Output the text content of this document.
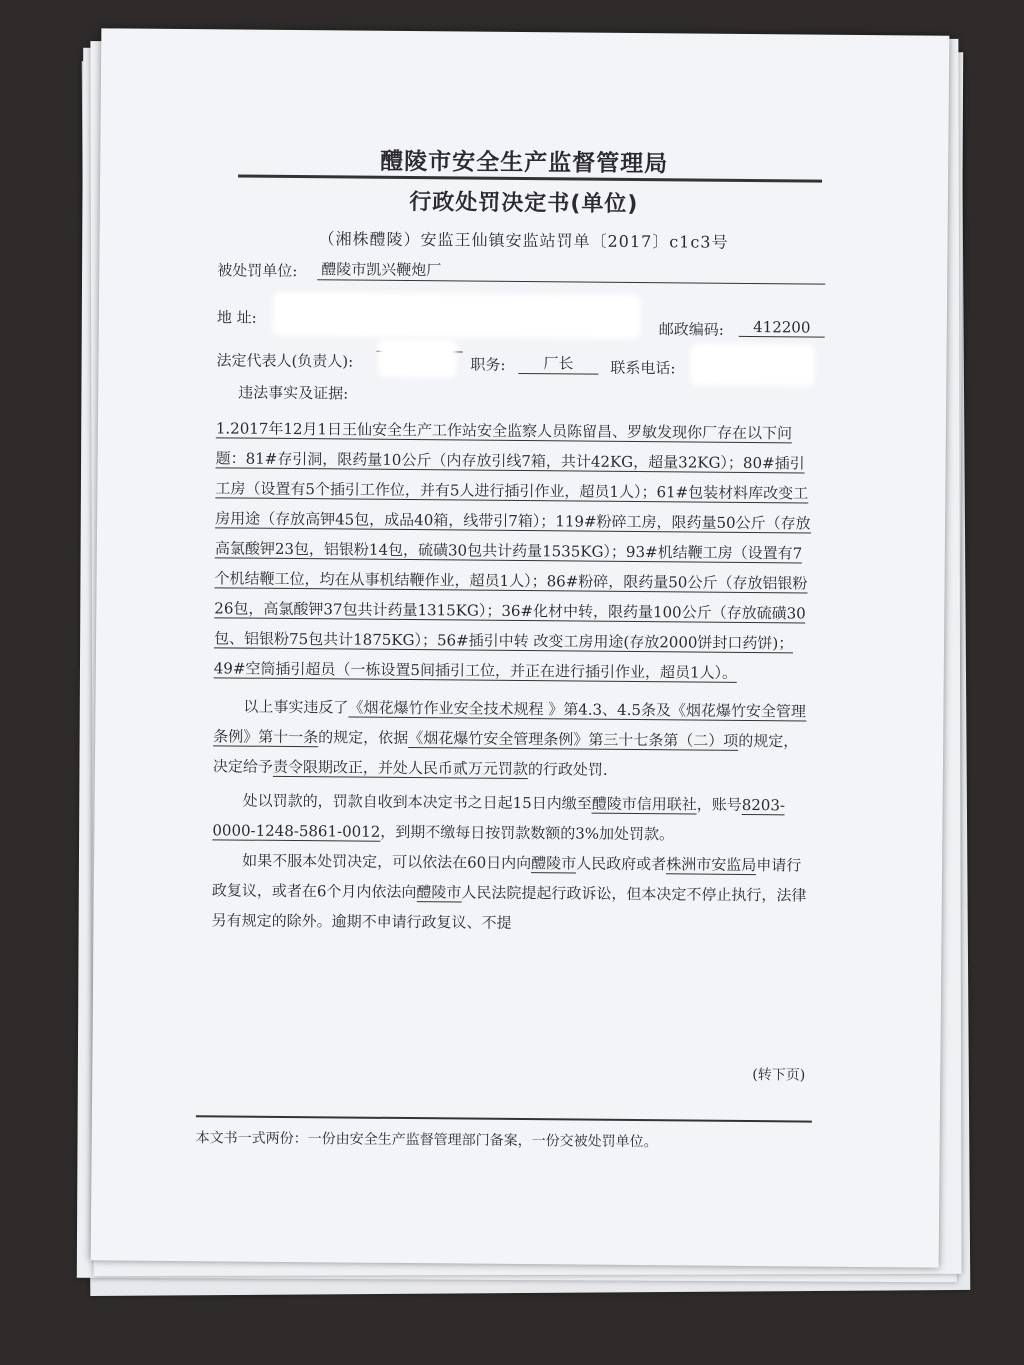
醴陵市安全生产监督管理局
行政处罚决定书(单位)
（湘株醴陵）安监王仙镇安监站罚单〔2017〕c1c3号
被处罚单位: 醴陵市凯兴鞭炮厂
地 址:
邮政编码:	412200
法定代表人(负责人):	职务:	厂长	联系电话:
违法事实及证据:

1.2017年12月1日王仙安全生产工作站安全监察人员陈留昌、罗敏发现你厂存在以下问题：81#存引洞，限药量10公斤（内存放引线7箱，共计42KG，超量32KG）；80#插引工房（设置有5个插引工作位，并有5人进行插引作业，超员1人）；61#包装材料库改变工房用途（存放高钾45包，成品40箱，线带引7箱）；119#粉碎工房，限药量50公斤（存放高氯酸钾23包，铝银粉14包，硫磺30包共计药量1535KG）；93#机结鞭工房（设置有7个机结鞭工位，均在从事机结鞭作业，超员1人）；86#粉碎，限药量50公斤（存放铝银粉26包，高氯酸钾37包共计药量1315KG）；36#化材中转，限药量100公斤（存放硫磺30包、铝银粉75包共计1875KG）；56#插引中转 改变工房用途(存放2000饼封口药饼)；49#空筒插引超员（一栋设置5间插引工位，并正在进行插引作业，超员1人）。

以上事实违反了《烟花爆竹作业安全技术规程 》第4.3、4.5条及《烟花爆竹安全管理条例》第十一条的规定，依据《烟花爆竹安全管理条例》第三十七条第（二）项的规定，决定给予责令限期改正，并处人民币贰万元罚款的行政处罚.

处以罚款的，罚款自收到本决定书之日起15日内缴至醴陵市信用联社，账号8203-0000-1248-5861-0012，到期不缴每日按罚款数额的3%加处罚款。

如果不服本处罚决定，可以依法在60日内向醴陵市人民政府或者株洲市安监局申请行政复议，或者在6个月内依法向醴陵市人民法院提起行政诉讼，但本决定不停止执行，法律另有规定的除外。逾期不申请行政复议、不提

(转下页)
本文书一式两份：一份由安全生产监督管理部门备案，一份交被处罚单位。
